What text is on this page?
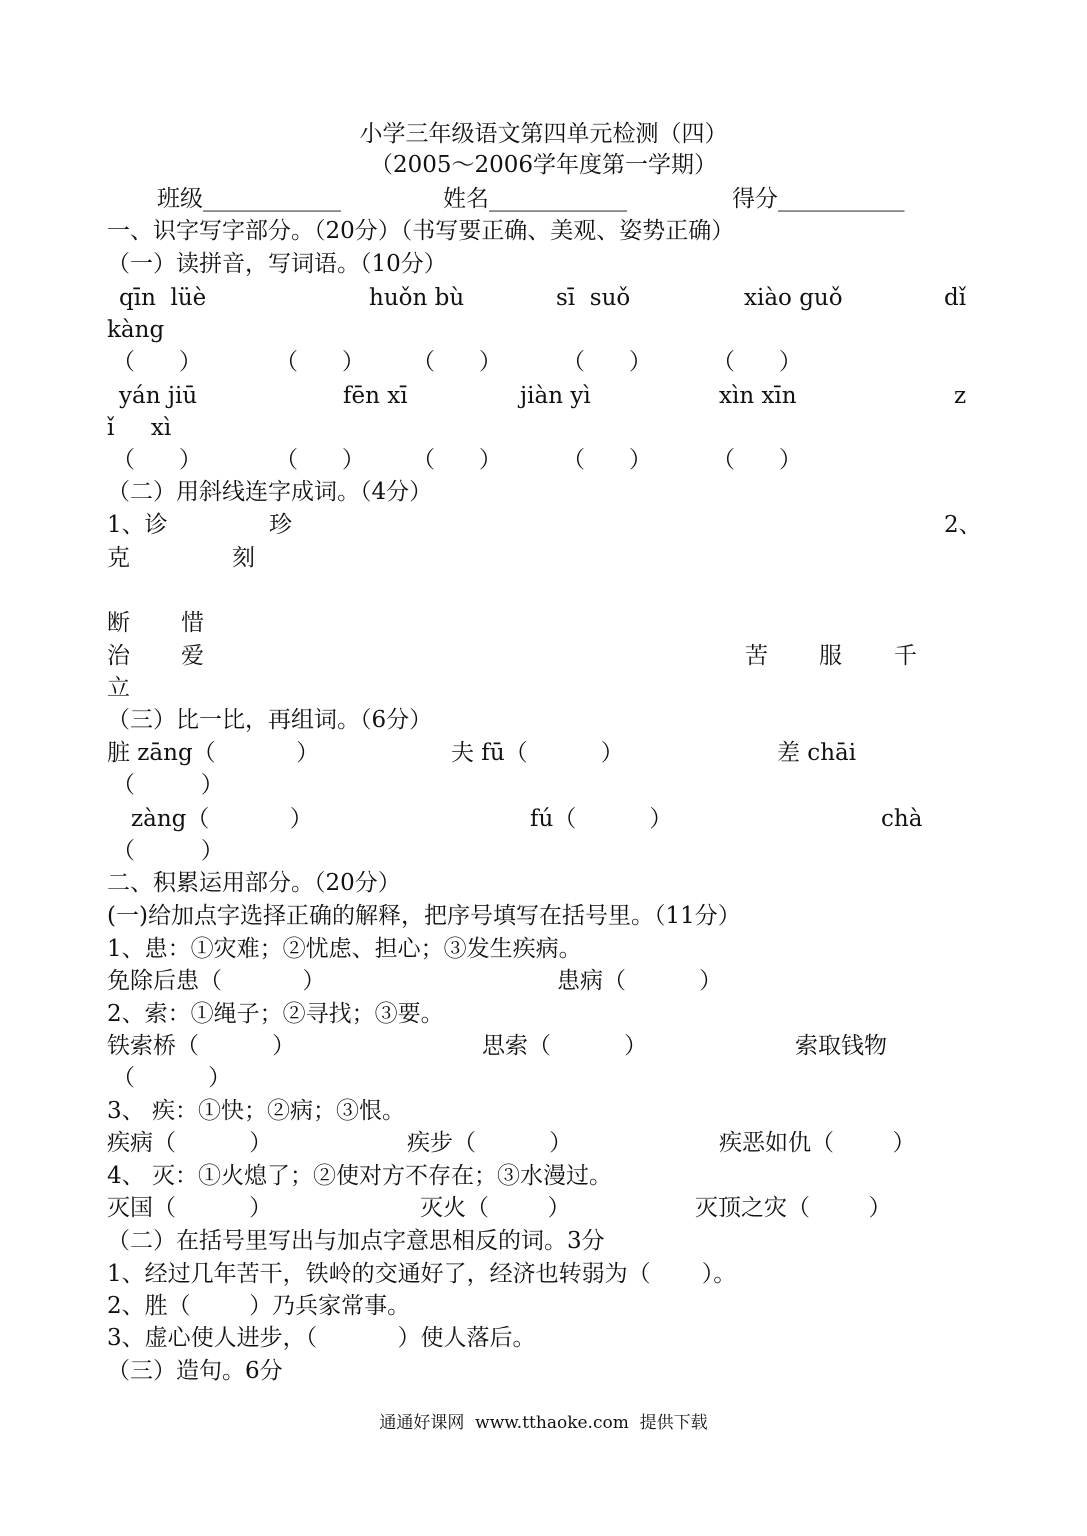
小学三年级语文第四单元检测（四）
（2005～2006学年度第一学期）
班级____________	姓名____________	得分___________
一、识字写字部分。（20分）（书写要正确、美观、姿势正确）
（一）读拼音，写词语。（10分）
qīn  lüè	huǒn bù	sī  suǒ	xiào guǒ	dǐ
kàng
（      ）	（      ） （      ）	（      ）	（      ）
yán jiū	fēn xī	jiàn yì	xìn xīn	z
ǐ     xì
（      ）	（      ） （      ）	（      ）	（      ）
（二）用斜线连字成词。（4分）
1、诊	珍	2、
克	刻
断 惜
治 爱	苦 服 千
立
（三）比一比，再组词。（6分）
脏 zāng（           ）	夫 fū（          ）	差 chāi
（         ）
zàng（           ）	fú（          ）	chà
（         ）
二、积累运用部分。（20分）
(一)给加点字选择正确的解释，把序号填写在括号里。（11分）
1、患：①灾难；②忧虑、担心；③发生疾病。
免除后患（           ）	患病（          ）
2、索：①绳子；②寻找；③要。
铁索桥（          ）	思索（          ）	索取钱物
（          ）
3、 疾：①快；②病；③恨。
疾病（          ）	疾步（          ）	疾恶如仇（        ）
4、 灭：①火熄了；②使对方不存在；③水漫过。
灭国（          ）	灭火（        ）	灭顶之灾（        ）
（二）在括号里写出与加点字意思相反的词。3分
1、经过几年苦干，铁岭的交通好了，经济也转弱为（       ）。
2、胜（        ）乃兵家常事。
3、虚心使人进步，（           ）使人落后。
（三）造句。6分
通通好课网  www.tthaoke.com  提供下载
